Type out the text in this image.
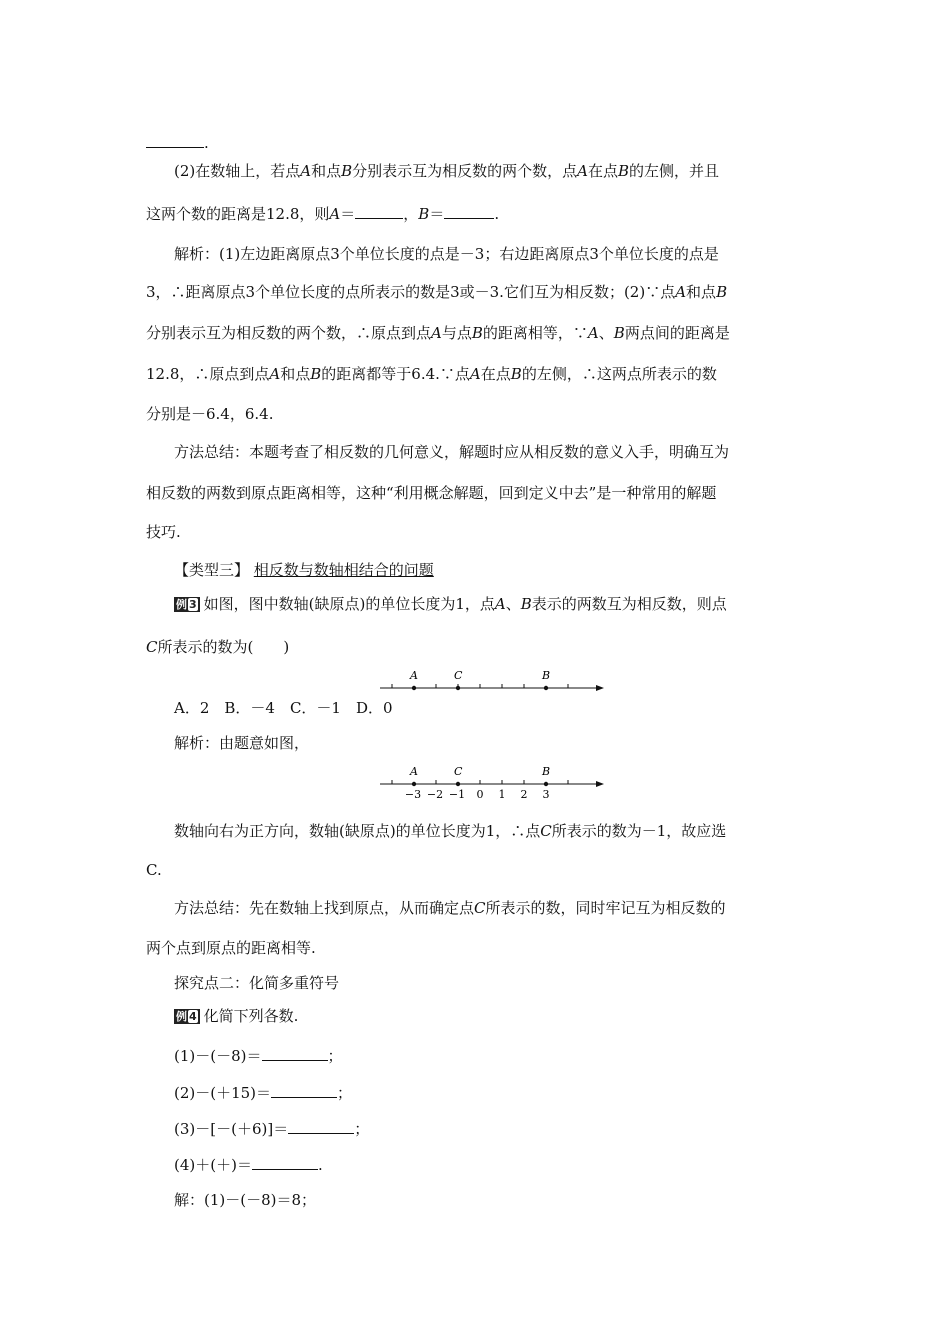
.
(2)在数轴上，若点A和点B分别表示互为相反数的两个数，点A在点B的左侧，并且
这两个数的距离是12.8，则A＝	，B＝	.
解析：(1)左边距离原点3个单位长度的点是－3；右边距离原点3个单位长度的点是
3，∴距离原点3个单位长度的点所表示的数是3或－3.它们互为相反数；(2)∵点A和点B
分别表示互为相反数的两个数，∴原点到点A与点B的距离相等，∵A、B两点间的距离是
12.8，∴原点到点A和点B的距离都等于6.4.∵点A在点B的左侧，∴这两点所表示的数
分别是－6.4，6.4.
方法总结：本题考查了相反数的几何意义，解题时应从相反数的意义入手，明确互为
相反数的两数到原点距离相等，这种“利用概念解题，回到定义中去”是一种常用的解题
技巧.
【类型三】 相反数与数轴相结合的问题
例 3 如图，图中数轴(缺原点)的单位长度为1，点A、B表示的两数互为相反数，则点
C所表示的数为(　　)
A	C	B
A．2　B．－4　C．－1　D．0
解析：由题意如图，
A	C	B
−3 −2 −1 0 1 2 3
数轴向右为正方向，数轴(缺原点)的单位长度为1，∴点C所表示的数为－1，故应选
C.
方法总结：先在数轴上找到原点，从而确定点C所表示的数，同时牢记互为相反数的
两个点到原点的距离相等.
探究点二：化简多重符号
例 4 化简下列各数.
(1)－(－8)＝	；
(2)－(＋15)＝	；
(3)－[－(＋6)]＝	；
(4)＋(＋)＝	.
解：(1)－(－8)＝8；
